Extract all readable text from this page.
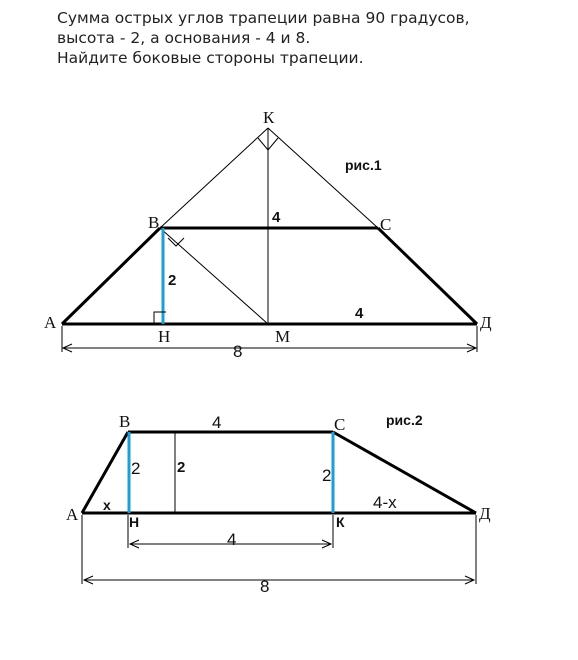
Сумма острых углов трапеции равна 90 градусов,
высота - 2, а основания - 4 и 8.
Найдите боковые стороны трапеции.
К
В	С
А	Д
Н	М
рис.1
2
4
4
8
В	С
А	Д
Н	К
рис.2
4
2 2	2
x	4-x
4
8
